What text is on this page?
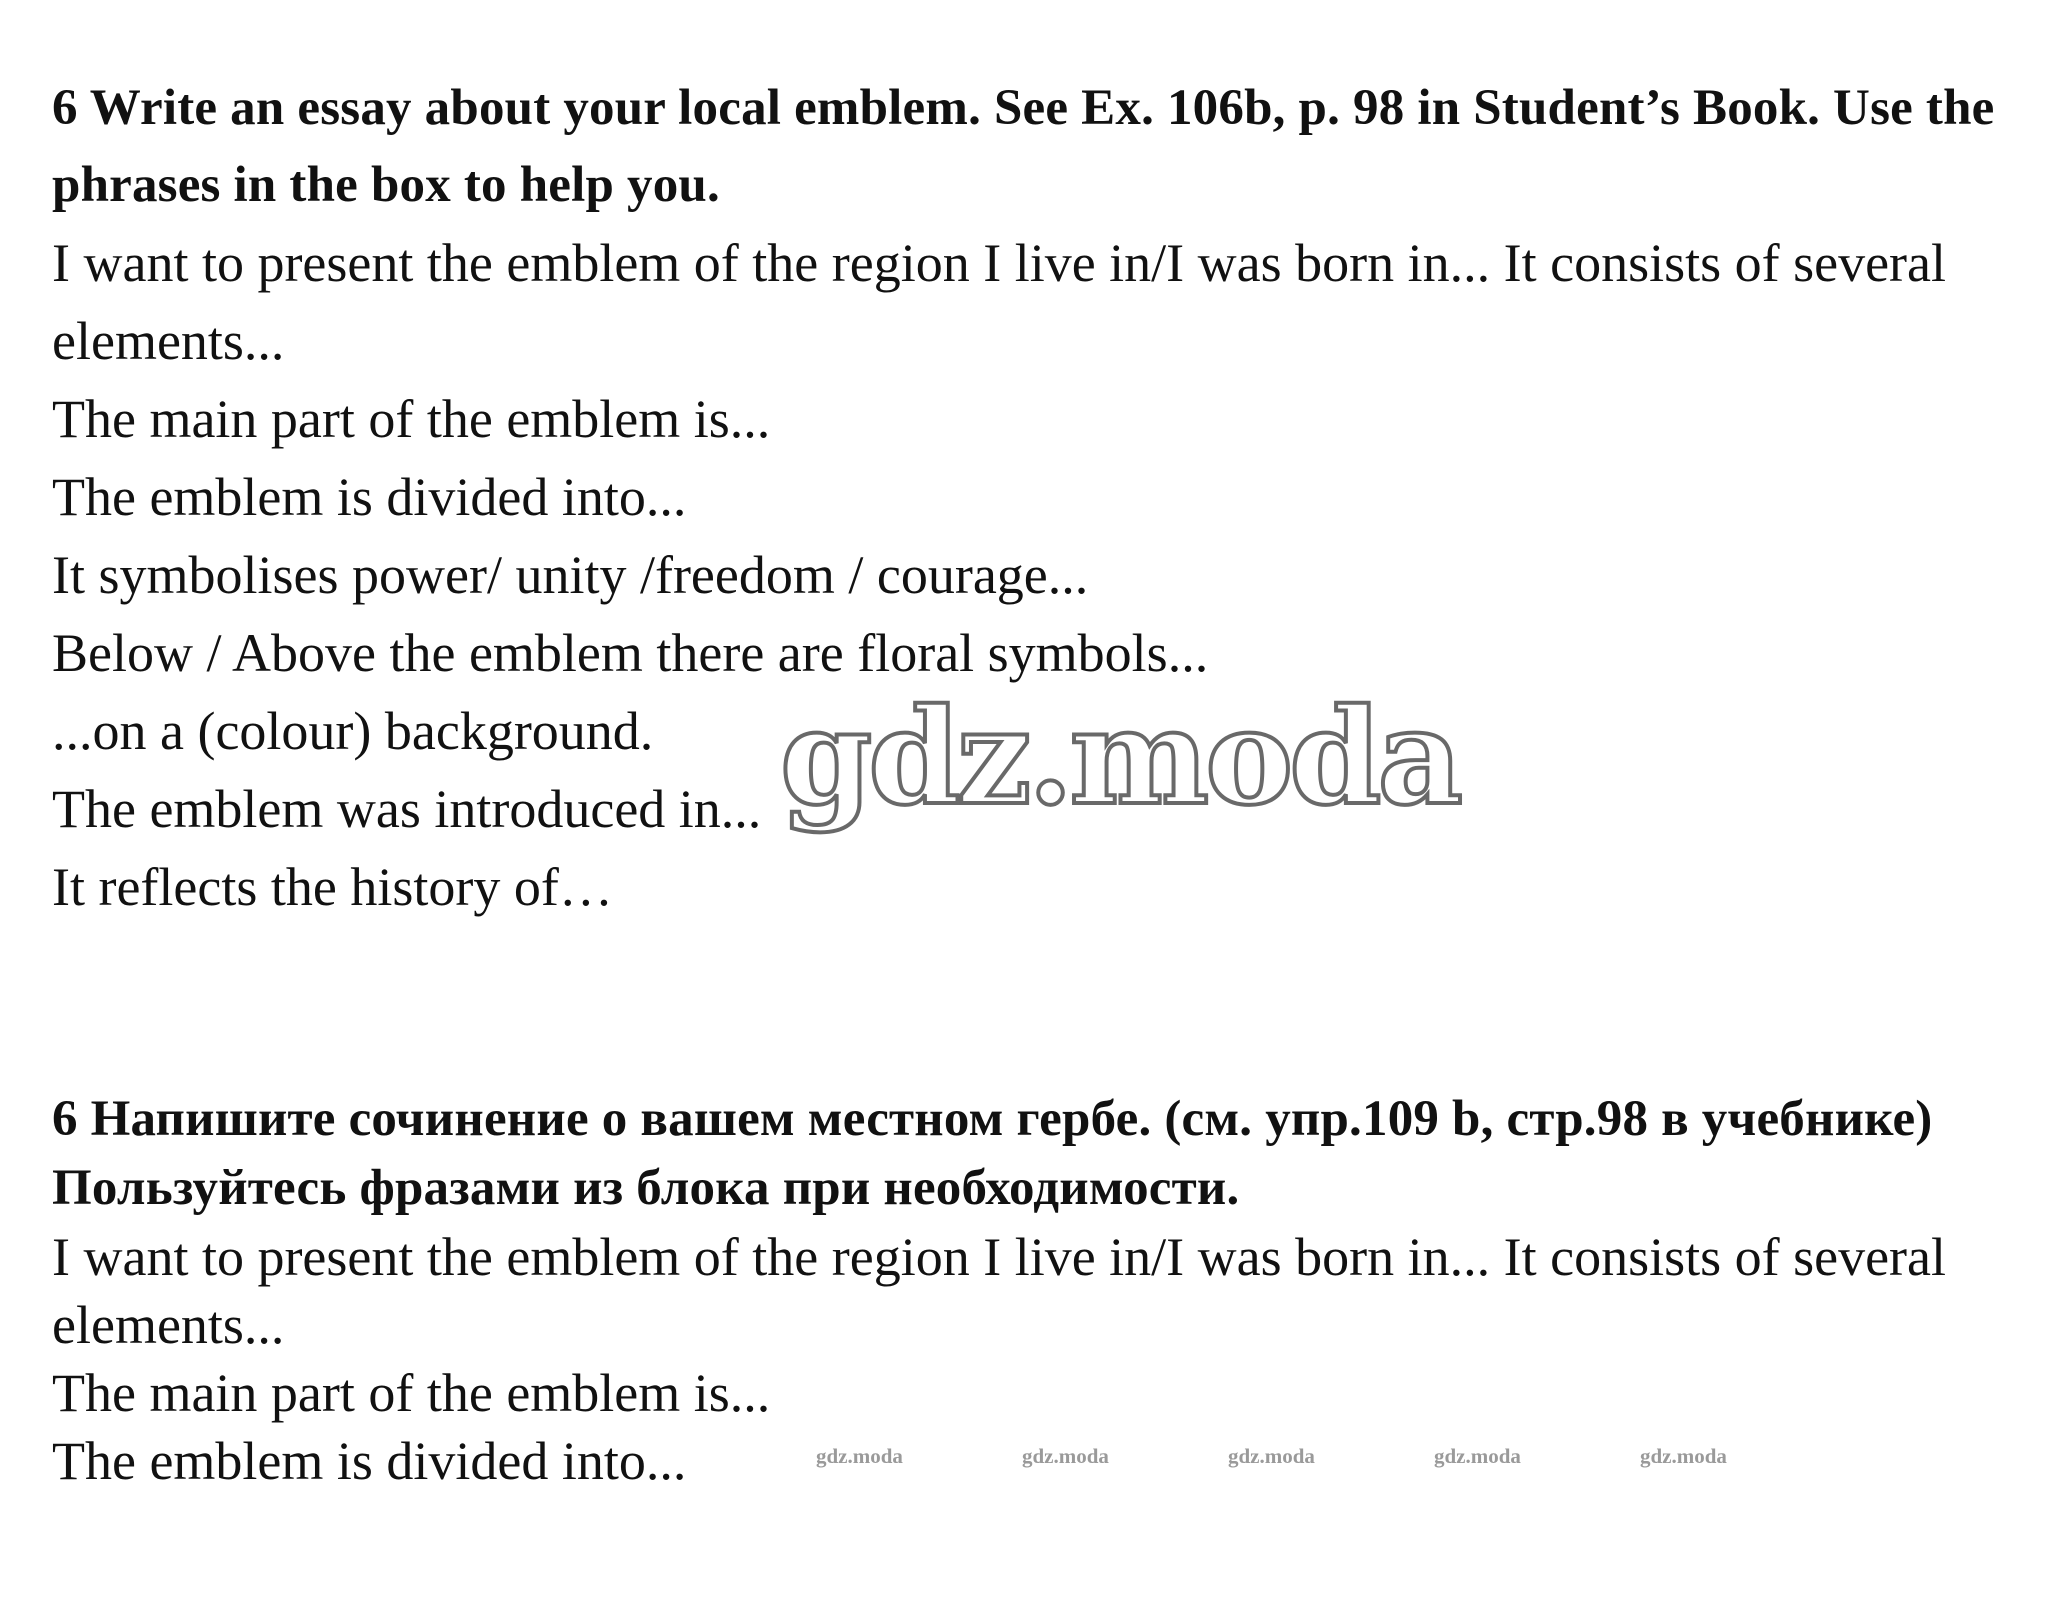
6 Write an essay about your local emblem. See Ex. 106b, p. 98 in Student’s Book. Use the phrases in the box to help you.

I want to present the emblem of the region I live in/I was born in... It consists of several elements...

The main part of the emblem is...

The emblem is divided into...

It symbolises power/ unity /freedom / courage...

Below / Above the emblem there are floral symbols...

...on a (colour) background.

The emblem was introduced in...

It reflects the history of…

6 Напишите сочинение о вашем местном гербе. (см. упр.109 b, стр.98 в учебнике) Пользуйтесь фразами из блока при необходимости.

I want to present the emblem of the region I live in/I was born in... It consists of several elements...

The main part of the emblem is...

The emblem is divided into...

gdz.moda
gdz.moda	gdz.moda	gdz.moda	gdz.moda	gdz.moda
